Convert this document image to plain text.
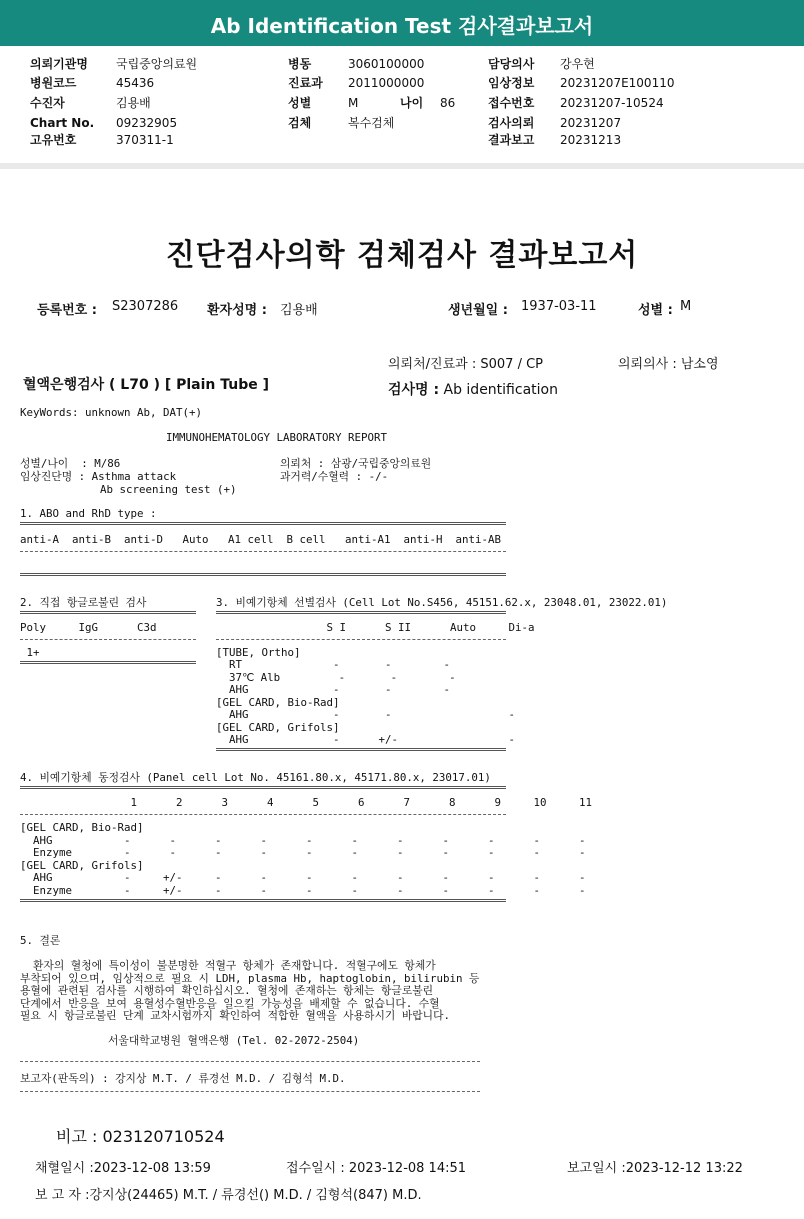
Ab Identification Test 검사결과보고서
의뢰기관명 국립중앙의료원
병원코드	45436
수진자	김용배
Chart No. 09232905
고유번호	370311-1
병동	3060100000
진료과 2011000000
성별	M	나이 86
검체	복수검체
담당의사 강우현
임상정보 20231207E100110
접수번호 20231207-10524
검사의뢰 20231207
결과보고 20231213
진단검사의학 검체검사 결과보고서
등록번호 : S2307286 환자성명 : 김용배	생년월일 : 1937-03-11	성별 : M
의뢰처/진료과 : S007 / CP	의뢰의사 : 남소영
혈액은행검사 ( L70 ) [ Plain Tube ]	검사명 : Ab identification
KeyWords: unknown Ab, DAT(+)
IMMUNOHEMATOLOGY LABORATORY REPORT
성별/나이  : M/86
임상진단명 : Asthma attack
Ab screening test (+)
의뢰처 : 삼광/국립중앙의료원
과거력/수혈력 : -/-
1. ABO and RhD type :
anti-A  anti-B  anti-D   Auto   A1 cell  B cell   anti-A1  anti-H  anti-AB
2. 직접 항글로불린 검사
Poly     IgG      C3d
1+
3. 비예기항체 선별검사 (Cell Lot No.S456, 45151.62.x, 23048.01, 23022.01)
S I      S II      Auto     Di-a
[TUBE, Ortho]
RT              -       -        -
37℃ Alb         -       -        -
AHG             -       -        -
[GEL CARD, Bio-Rad]
AHG             -       -                  -
[GEL CARD, Grifols]
AHG             -      +/-                 -
4. 비예기항체 동정검사 (Panel cell Lot No. 45161.80.x, 45171.80.x, 23017.01)
1      2      3      4      5      6      7      8      9     10     11
[GEL CARD, Bio-Rad]
AHG           -      -      -      -      -      -      -      -      -      -      -
Enzyme        -      -      -      -      -      -      -      -      -      -      -
[GEL CARD, Grifols]
AHG           -     +/-     -      -      -      -      -      -      -      -      -
Enzyme        -     +/-     -      -      -      -      -      -      -      -      -
5. 결론
환자의 혈청에 특이성이 불분명한 적혈구 항체가 존재합니다. 적혈구에도 항체가
부착되어 있으며, 임상적으로 필요 시 LDH, plasma Hb, haptoglobin, bilirubin 등
용혈에 관련된 검사를 시행하여 확인하십시오. 혈청에 존재하는 항체는 항글로불린
단계에서 반응을 보여 용혈성수혈반응을 일으킬 가능성을 배제할 수 없습니다. 수혈
필요 시 항글로불린 단계 교차시험까지 확인하여 적합한 혈액을 사용하시기 바랍니다.
서울대학교병원 혈액은행 (Tel. 02-2072-2504)
보고자(판독의) : 강지상 M.T. / 류경선 M.D. / 김형석 M.D.
비고 : 023120710524
채혈일시 :2023-12-08 13:59	접수일시 : 2023-12-08 14:51	보고일시 :2023-12-12 13:22
보 고 자 :강지상(24465) M.T. / 류경선() M.D. / 김형석(847) M.D.
